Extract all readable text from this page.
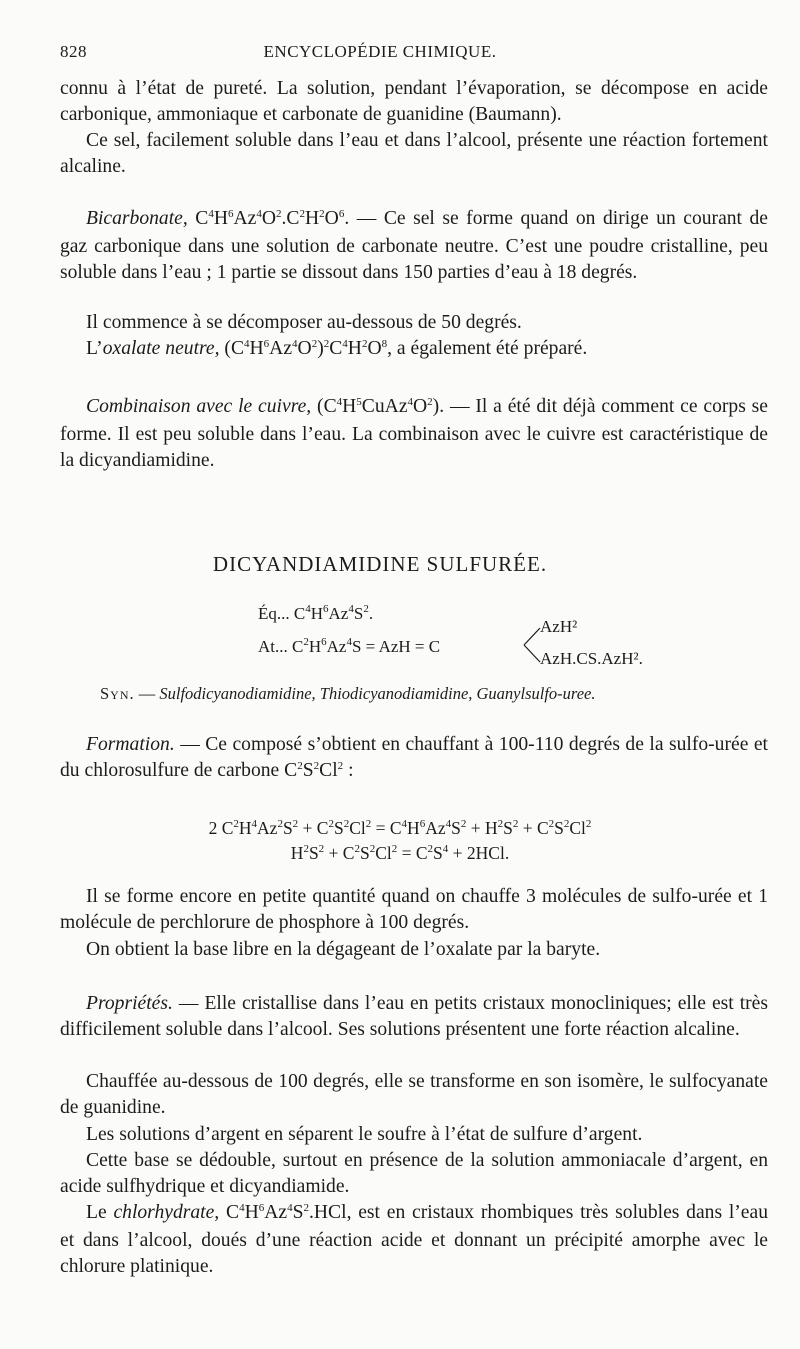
828	ENCYCLOPÉDIE CHIMIQUE.
connu à l’état de pureté. La solution, pendant l’évaporation, se décompose en acide carbonique, ammoniaque et carbonate de guanidine (Baumann).
Ce sel, facilement soluble dans l’eau et dans l’alcool, présente une réaction fortement alcaline.
Bicarbonate, $C^4H^6Az^4O^2.C^2H^2O^6$. — Ce sel se forme quand on dirige un courant de gaz carbonique dans une solution de carbonate neutre. C’est une poudre cristalline, peu soluble dans l’eau ; 1 partie se dissout dans 150 parties d’eau à 18 degrés.
Il commence à se décomposer au-dessous de 50 degrés.
L’oxalate neutre, $(C^4H^6Az^4O^2)^2C^4H^2O^8$, a également été préparé.
Combinaison avec le cuivre, $(C^4H^5CuAz^4O^2)$. — Il a été dit déjà comment ce corps se forme. Il est peu soluble dans l’eau. La combinaison avec le cuivre est caractéristique de la dicyandiamidine.
DICYANDIAMIDINE SULFURÉE.
Éq... $C^4H^6Az^4S^2$.
At... $C^2H^6Az^4S$ = AzH = C
AzH²
AzH.CS.AzH².
Syn. — Sulfodicyanodiamidine, Thiodicyanodiamidine, Guanylsulfo-uree.
Formation. — Ce composé s’obtient en chauffant à 100-110 degrés de la sulfo-urée et du chlorosulfure de carbone $C^2S^2Cl^2$ :
2 $C^2H^4Az^2S^2 + C^2S^2Cl^2 = C^4H^6Az^4S^2 + H^2S^2 + C^2S^2Cl^2$
$H^2S^2 + C^2S^2Cl^2 = C^2S^4 + 2HCl$.
Il se forme encore en petite quantité quand on chauffe 3 molécules de sulfo-urée et 1 molécule de perchlorure de phosphore à 100 degrés.
On obtient la base libre en la dégageant de l’oxalate par la baryte.
Propriétés. — Elle cristallise dans l’eau en petits cristaux monocliniques; elle est très difficilement soluble dans l’alcool. Ses solutions présentent une forte réaction alcaline.
Chauffée au-dessous de 100 degrés, elle se transforme en son isomère, le sulfocyanate de guanidine.
Les solutions d’argent en séparent le soufre à l’état de sulfure d’argent.
Cette base se dédouble, surtout en présence de la solution ammoniacale d’argent, en acide sulfhydrique et dicyandiamide.
Le chlorhydrate, $C^4H^6Az^4S^2.HCl$, est en cristaux rhombiques très solubles dans l’eau et dans l’alcool, doués d’une réaction acide et donnant un précipité amorphe avec le chlorure platinique.
